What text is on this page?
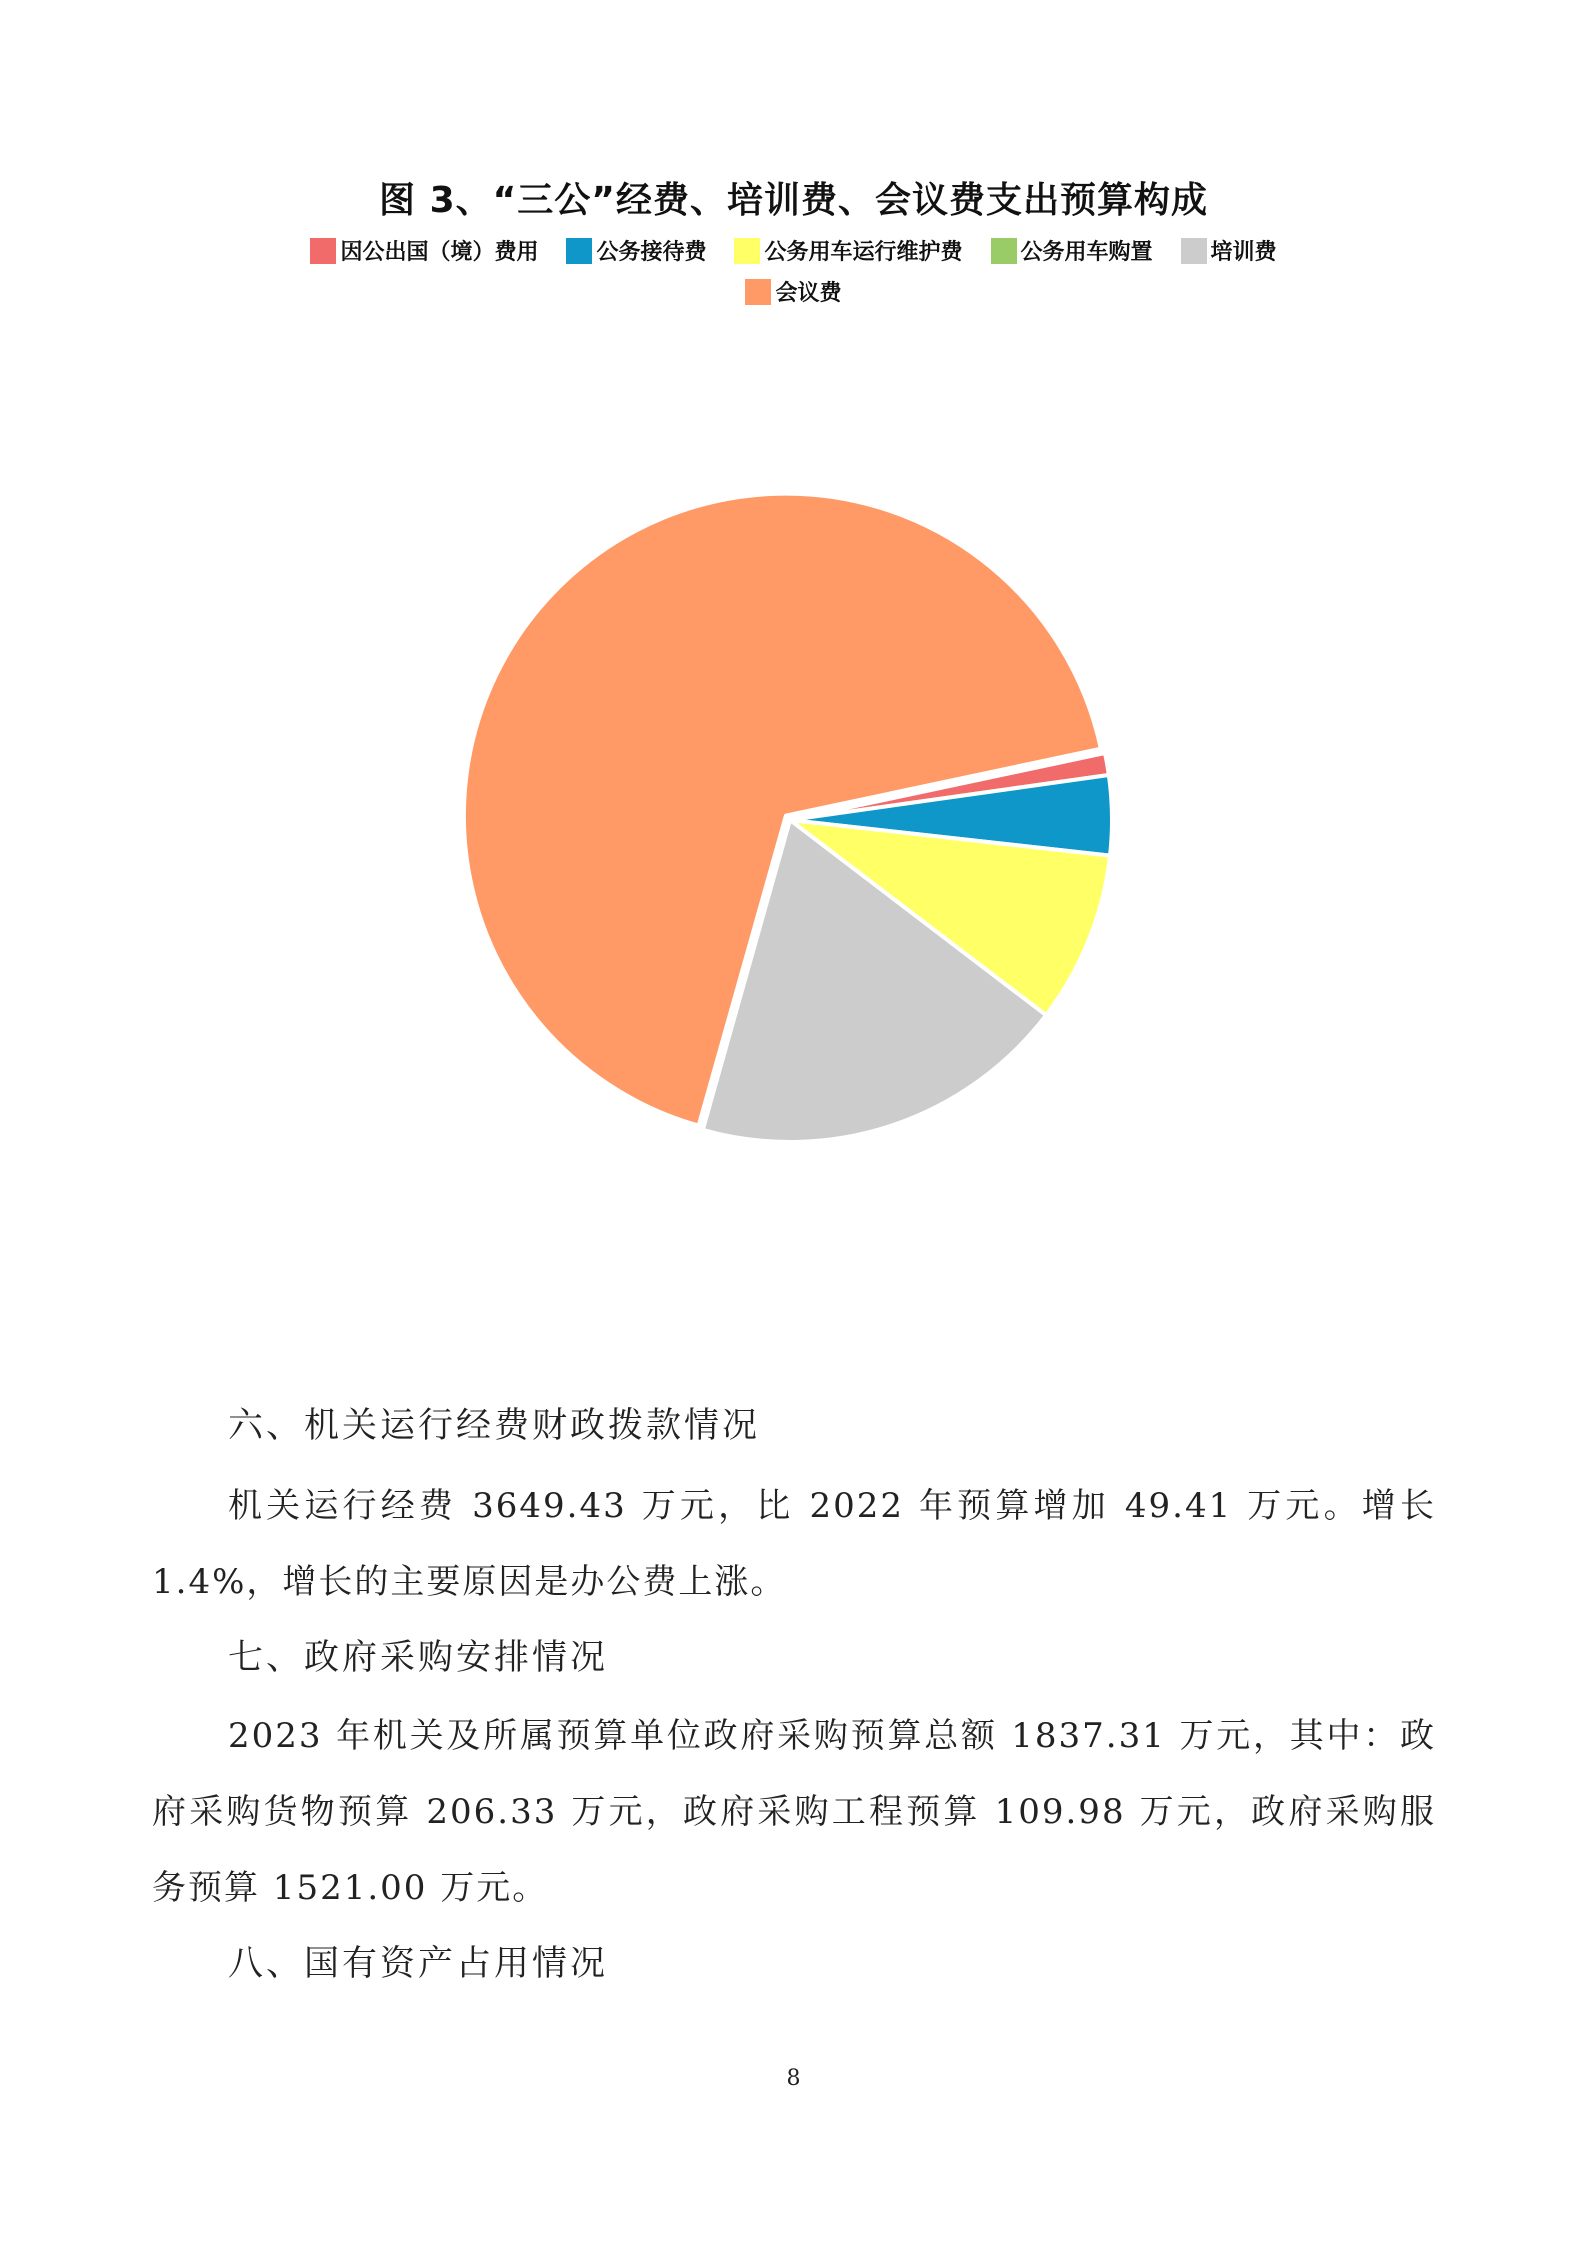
图 3、“三公”经费、培训费、会议费支出预算构成
因公出国（境）费用	公务接待费	公务用车运行维护费	公务用车购置	培训费
会议费
六、机关运行经费财政拨款情况
机关运行经费 3649.43 万元，比 2022 年预算增加 49.41 万元。增长 1.4%，增长的主要原因是办公费上涨。
七、政府采购安排情况
2023 年机关及所属预算单位政府采购预算总额 1837.31 万元，其中：政府采购货物预算 206.33 万元，政府采购工程预算 109.98 万元，政府采购服务预算 1521.00 万元。
八、国有资产占用情况
8
